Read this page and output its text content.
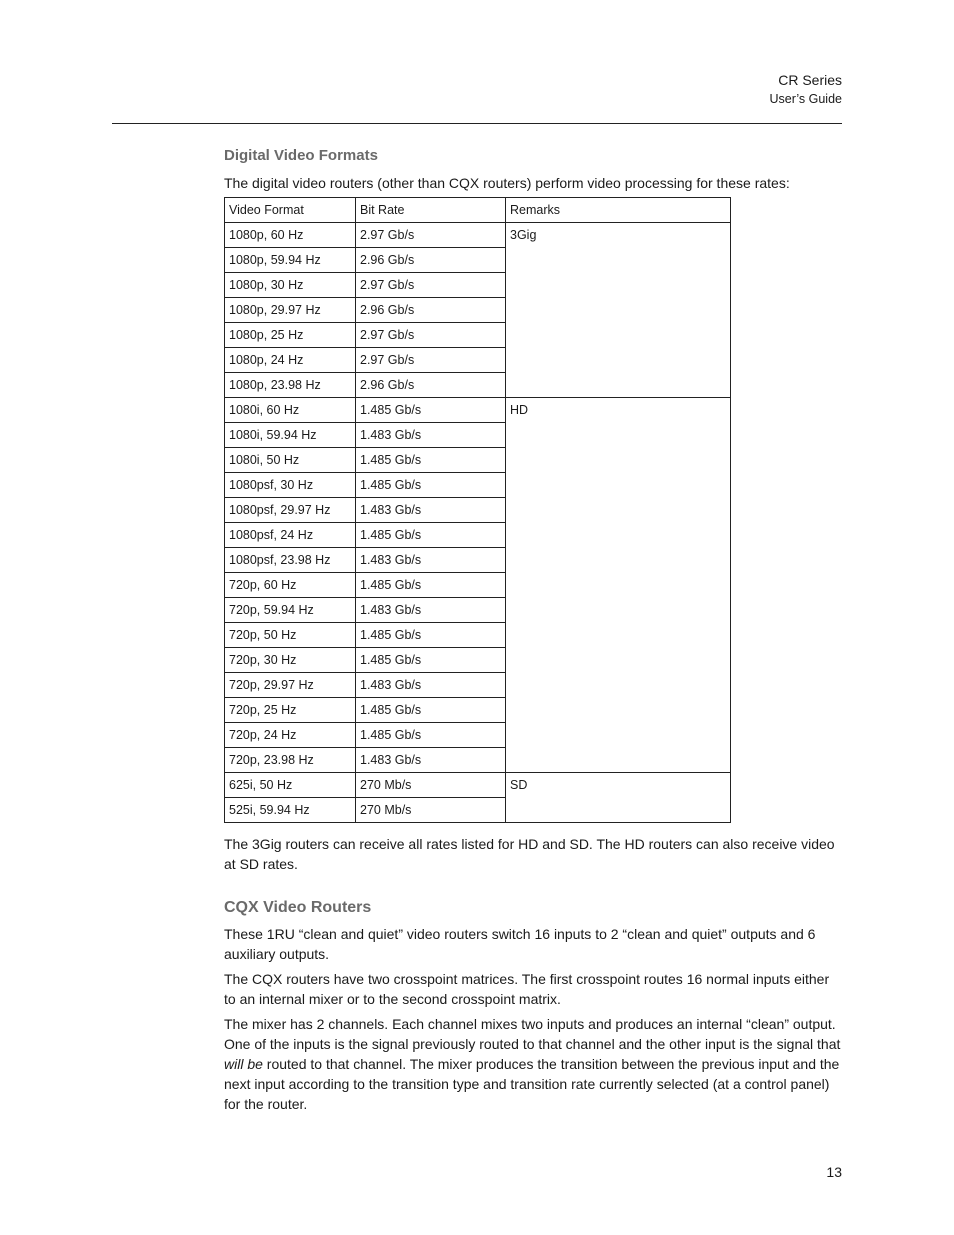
CR Series
User’s Guide
Digital Video Formats

The digital video routers (other than CQX routers) perform video processing for these rates:

Video Format	Bit Rate	Remarks
1080p, 60 Hz	2.97 Gb/s	3Gig
1080p, 59.94 Hz	2.96 Gb/s	
1080p, 30 Hz	2.97 Gb/s	
1080p, 29.97 Hz	2.96 Gb/s	
1080p, 25 Hz	2.97 Gb/s	
1080p, 24 Hz	2.97 Gb/s	
1080p, 23.98 Hz	2.96 Gb/s	
1080i, 60 Hz	1.485 Gb/s	HD
1080i, 59.94 Hz	1.483 Gb/s	
1080i, 50 Hz	1.485 Gb/s	
1080psf, 30 Hz	1.485 Gb/s	
1080psf, 29.97 Hz	1.483 Gb/s	
1080psf, 24 Hz	1.485 Gb/s	
1080psf, 23.98 Hz	1.483 Gb/s	
720p, 60 Hz	1.485 Gb/s	
720p, 59.94 Hz	1.483 Gb/s	
720p, 50 Hz	1.485 Gb/s	
720p, 30 Hz	1.485 Gb/s	
720p, 29.97 Hz	1.483 Gb/s	
720p, 25 Hz	1.485 Gb/s	
720p, 24 Hz	1.485 Gb/s	
720p, 23.98 Hz	1.483 Gb/s	
625i, 50 Hz	270 Mb/s	SD
525i, 59.94 Hz	270 Mb/s	

The 3Gig routers can receive all rates listed for HD and SD. The HD routers can also receive video at SD rates.

CQX Video Routers

These 1RU “clean and quiet” video routers switch 16 inputs to 2 “clean and quiet” outputs and 6 auxiliary outputs.

The CQX routers have two crosspoint matrices. The first crosspoint routes 16 normal inputs either to an internal mixer or to the second crosspoint matrix.

The mixer has 2 channels. Each channel mixes two inputs and produces an internal “clean” output. One of the inputs is the signal previously routed to that channel and the other input is the signal that will be routed to that channel. The mixer produces the transition between the previous input and the next input according to the transition type and transition rate currently selected (at a control panel) for the router.

13
